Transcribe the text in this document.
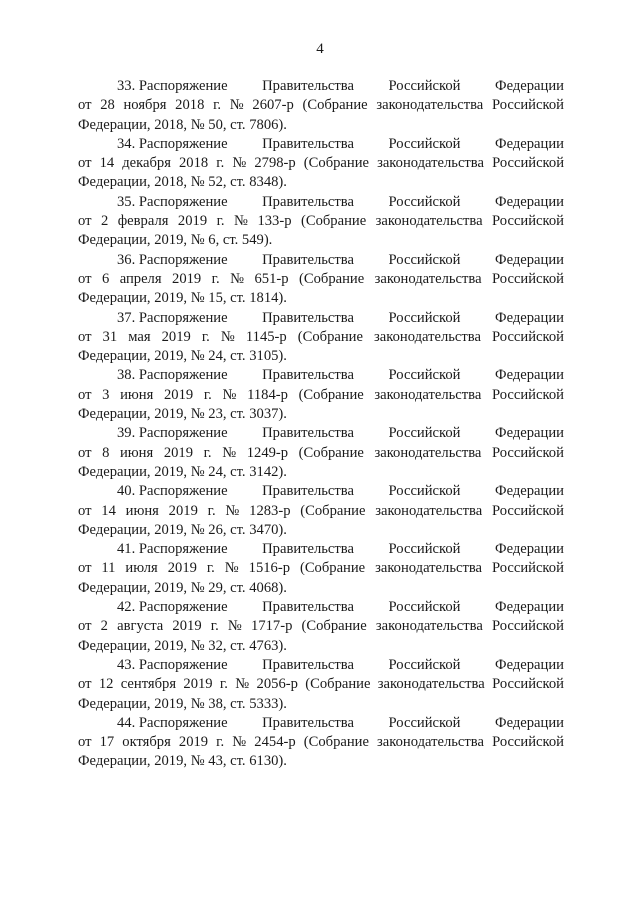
4

33. Распоряжение Правительства Российской Федерации
от 28 ноября 2018 г. № 2607-р (Собрание законодательства Российской
Федерации, 2018, № 50, ст. 7806).

34. Распоряжение Правительства Российской Федерации
от 14 декабря 2018 г. № 2798-р (Собрание законодательства Российской
Федерации, 2018, № 52, ст. 8348).

35. Распоряжение Правительства Российской Федерации
от 2 февраля 2019 г. № 133-р (Собрание законодательства Российской
Федерации, 2019, № 6, ст. 549).

36. Распоряжение Правительства Российской Федерации
от 6 апреля 2019 г. № 651-р (Собрание законодательства Российской
Федерации, 2019, № 15, ст. 1814).

37. Распоряжение Правительства Российской Федерации
от 31 мая 2019 г. № 1145-р (Собрание законодательства Российской
Федерации, 2019, № 24, ст. 3105).

38. Распоряжение Правительства Российской Федерации
от 3 июня 2019 г. № 1184-р (Собрание законодательства Российской
Федерации, 2019, № 23, ст. 3037).

39. Распоряжение Правительства Российской Федерации
от 8 июня 2019 г. № 1249-р (Собрание законодательства Российской
Федерации, 2019, № 24, ст. 3142).

40. Распоряжение Правительства Российской Федерации
от 14 июня 2019 г. № 1283-р (Собрание законодательства Российской
Федерации, 2019, № 26, ст. 3470).

41. Распоряжение Правительства Российской Федерации
от 11 июля 2019 г. № 1516-р (Собрание законодательства Российской
Федерации, 2019, № 29, ст. 4068).

42. Распоряжение Правительства Российской Федерации
от 2 августа 2019 г. № 1717-р (Собрание законодательства Российской
Федерации, 2019, № 32, ст. 4763).

43. Распоряжение Правительства Российской Федерации
от 12 сентября 2019 г. № 2056-р (Собрание законодательства Российской
Федерации, 2019, № 38, ст. 5333).

44. Распоряжение Правительства Российской Федерации
от 17 октября 2019 г. № 2454-р (Собрание законодательства Российской
Федерации, 2019, № 43, ст. 6130).
